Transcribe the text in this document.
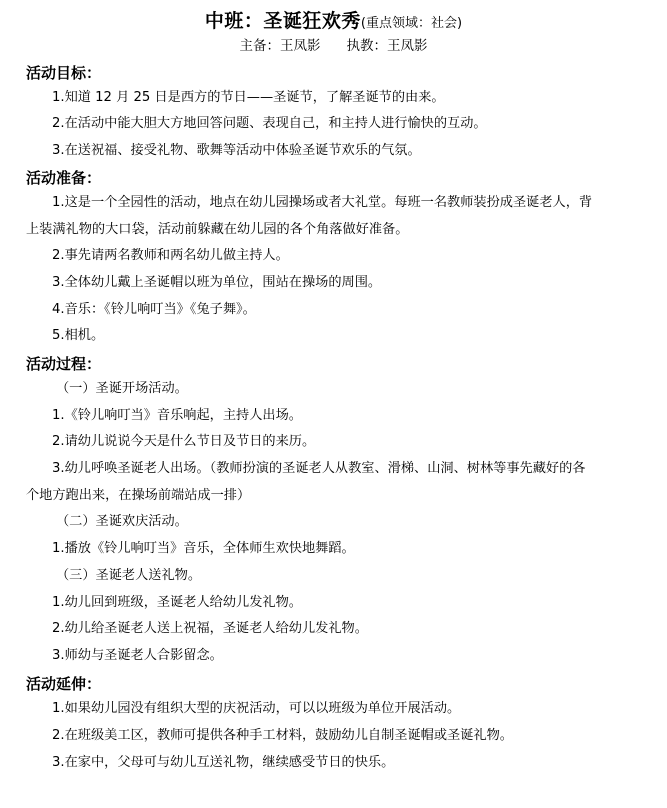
中班：圣诞狂欢秀(重点领域：社会)
主备：王凤影 执教：王凤影
活动目标：
1.知道 12 月 25 日是西方的节日——圣诞节，了解圣诞节的由来。
2.在活动中能大胆大方地回答问题、表现自己，和主持人进行愉快的互动。
3.在送祝福、接受礼物、歌舞等活动中体验圣诞节欢乐的气氛。
活动准备：
1.这是一个全园性的活动，地点在幼儿园操场或者大礼堂。每班一名教师装扮成圣诞老人，背
上装满礼物的大口袋，活动前躲藏在幼儿园的各个角落做好准备。
2.事先请两名教师和两名幼儿做主持人。
3.全体幼儿戴上圣诞帽以班为单位，围站在操场的周围。
4.音乐：《铃儿响叮当》《兔子舞》。
5.相机。
活动过程：
（一）圣诞开场活动。
1.《铃儿响叮当》音乐响起，主持人出场。
2.请幼儿说说今天是什么节日及节日的来历。
3.幼儿呼唤圣诞老人出场。（教师扮演的圣诞老人从教室、滑梯、山洞、树林等事先藏好的各
个地方跑出来，在操场前端站成一排）
（二）圣诞欢庆活动。
1.播放《铃儿响叮当》音乐，全体师生欢快地舞蹈。
（三）圣诞老人送礼物。
1.幼儿回到班级，圣诞老人给幼儿发礼物。
2.幼儿给圣诞老人送上祝福，圣诞老人给幼儿发礼物。
3.师幼与圣诞老人合影留念。
活动延伸：
1.如果幼儿园没有组织大型的庆祝活动，可以以班级为单位开展活动。
2.在班级美工区，教师可提供各种手工材料，鼓励幼儿自制圣诞帽或圣诞礼物。
3.在家中，父母可与幼儿互送礼物，继续感受节日的快乐。
